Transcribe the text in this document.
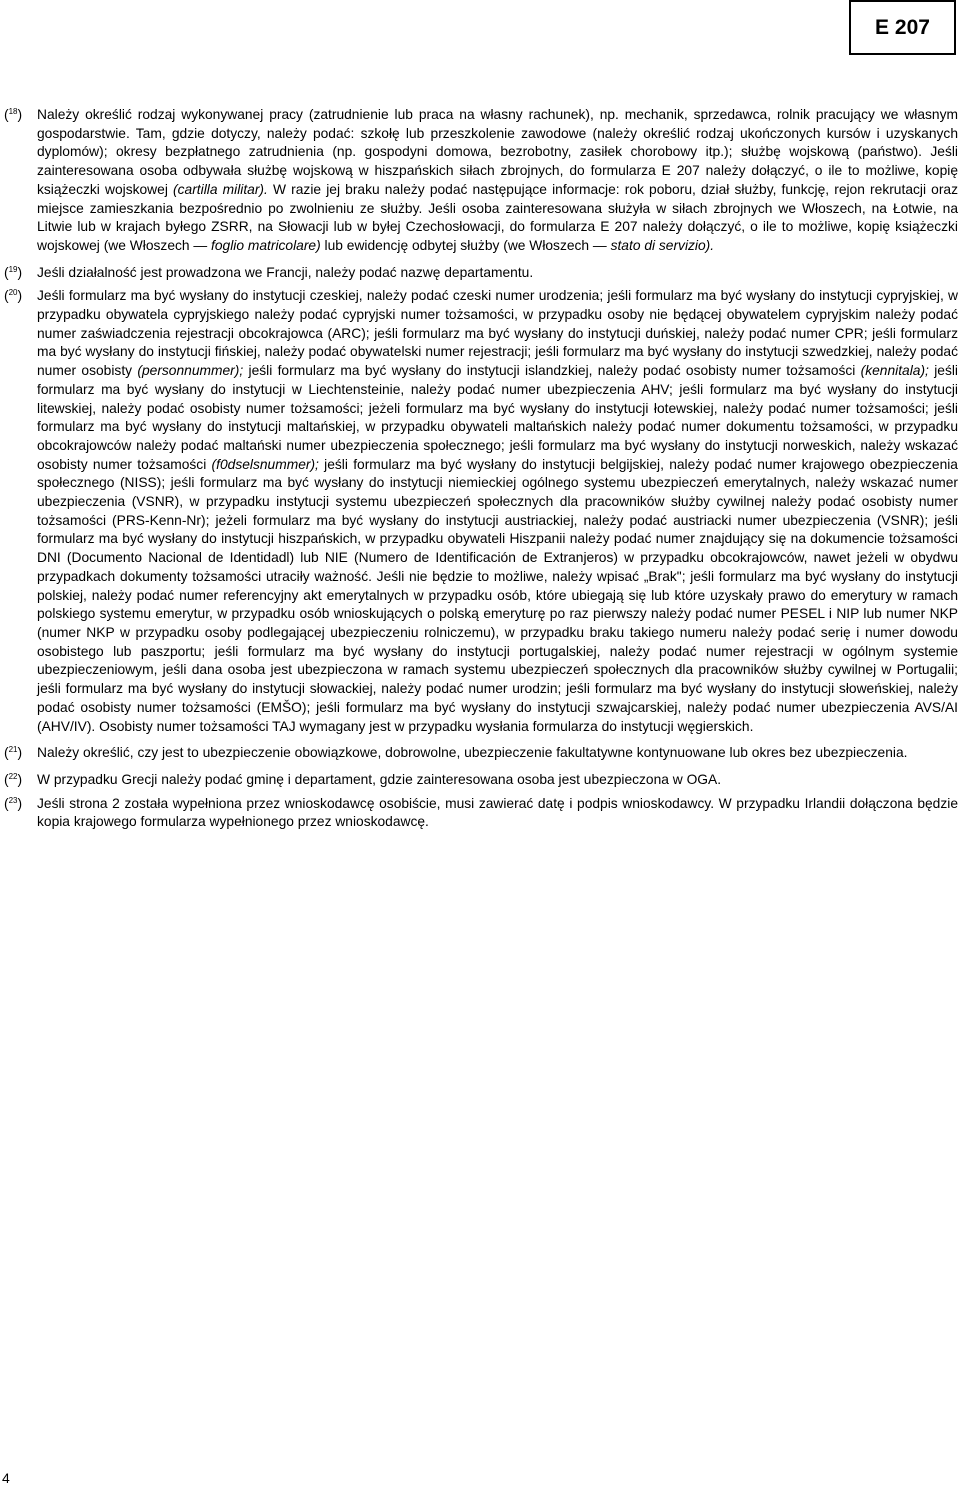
E 207
($^{18}$)	Należy określić rodzaj wykonywanej pracy (zatrudnienie lub praca na własny rachunek), np. mechanik, sprzedawca, rolnik pracujący we własnym gospodarstwie. Tam, gdzie dotyczy, należy podać: szkołę lub przeszkolenie zawodowe (należy określić rodzaj ukończonych kursów i uzyskanych dyplomów); okresy bezpłatnego zatrudnienia (np. gospodyni domowa, bezrobotny, zasiłek chorobowy itp.); służbę wojskową (państwo). Jeśli zainteresowana osoba odbywała służbę wojskową w hiszpańskich siłach zbrojnych, do formularza E 207 należy dołączyć, o ile to możliwe, kopię książeczki wojskowej (cartilla militar). W razie jej braku należy podać następujące informacje: rok poboru, dział służby, funkcję, rejon rekrutacji oraz miejsce zamieszkania bezpośrednio po zwolnieniu ze służby. Jeśli osoba zainteresowana służyła w siłach zbrojnych we Włoszech, na Łotwie, na Litwie lub w krajach byłego ZSRR, na Słowacji lub w byłej Czechosłowacji, do formularza E 207 należy dołączyć, o ile to możliwe, kopię książeczki wojskowej (we Włoszech — foglio matricolare) lub ewidencję odbytej służby (we Włoszech — stato di servizio).
($^{19}$)	Jeśli działalność jest prowadzona we Francji, należy podać nazwę departamentu.
($^{20}$)	Jeśli formularz ma być wysłany do instytucji czeskiej, należy podać czeski numer urodzenia; jeśli formularz ma być wysłany do instytucji cypryjskiej, w przypadku obywatela cypryjskiego należy podać cypryjski numer tożsamości, w przypadku osoby nie będącej obywatelem cypryjskim należy podać numer zaświadczenia rejestracji obcokrajowca (ARC); jeśli formularz ma być wysłany do instytucji duńskiej, należy podać numer CPR; jeśli formularz ma być wysłany do instytucji fińskiej, należy podać obywatelski numer rejestracji; jeśli formularz ma być wysłany do instytucji szwedzkiej, należy podać numer osobisty (personnummer); jeśli formularz ma być wysłany do instytucji islandzkiej, należy podać osobisty numer tożsamości (kennitala); jeśli formularz ma być wysłany do instytucji w Liechtensteinie, należy podać numer ubezpieczenia AHV; jeśli formularz ma być wysłany do instytucji litewskiej, należy podać osobisty numer tożsamości; jeżeli formularz ma być wysłany do instytucji łotewskiej, należy podać numer tożsamości; jeśli formularz ma być wysłany do instytucji maltańskiej, w przypadku obywateli maltańskich należy podać numer dokumentu tożsamości, w przypadku obcokrajowców należy podać maltański numer ubezpieczenia społecznego; jeśli formularz ma być wysłany do instytucji norweskich, należy wskazać osobisty numer tożsamości (f0dselsnummer); jeśli formularz ma być wysłany do instytucji belgijskiej, należy podać numer krajowego obezpieczenia społecznego (NISS); jeśli formularz ma być wysłany do instytucji niemieckiej ogólnego systemu ubezpieczeń emerytalnych, należy wskazać numer ubezpieczenia (VSNR), w przypadku instytucji systemu ubezpieczeń społecznych dla pracowników służby cywilnej należy podać osobisty numer tożsamości (PRS-Kenn-Nr); jeżeli formularz ma być wysłany do instytucji austriackiej, należy podać austriacki numer ubezpieczenia (VSNR); jeśli formularz ma być wysłany do instytucji hiszpańskich, w przypadku obywateli Hiszpanii należy podać numer znajdujący się na dokumencie tożsamości DNI (Documento Nacional de Identidadl) lub NIE (Numero de Identificación de Extranjeros) w przypadku obcokrajowców, nawet jeżeli w obydwu przypadkach dokumenty tożsamości utraciły ważność. Jeśli nie będzie to możliwe, należy wpisać „Brak"; jeśli formularz ma być wysłany do instytucji polskiej, należy podać numer referencyjny akt emerytalnych w przypadku osób, które ubiegają się lub które uzyskały prawo do emerytury w ramach polskiego systemu emerytur, w przypadku osób wnioskujących o polską emeryturę po raz pierwszy należy podać numer PESEL i NIP lub numer NKP (numer NKP w przypadku osoby podlegającej ubezpieczeniu rolniczemu), w przypadku braku takiego numeru należy podać serię i numer dowodu osobistego lub paszportu; jeśli formularz ma być wysłany do instytucji portugalskiej, należy podać numer rejestracji w ogólnym systemie ubezpieczeniowym, jeśli dana osoba jest ubezpieczona w ramach systemu ubezpieczeń społecznych dla pracowników służby cywilnej w Portugalii; jeśli formularz ma być wysłany do instytucji słowackiej, należy podać numer urodzin; jeśli formularz ma być wysłany do instytucji słoweńskiej, należy podać osobisty numer tożsamości (EMŠO); jeśli formularz ma być wysłany do instytucji szwajcarskiej, należy podać numer ubezpieczenia AVS/AI (AHV/IV). Osobisty numer tożsamości TAJ wymagany jest w przypadku wysłania formularza do instytucji węgierskich.
($^{21}$)	Należy określić, czy jest to ubezpieczenie obowiązkowe, dobrowolne, ubezpieczenie fakultatywne kontynuowane lub okres bez ubezpieczenia.
($^{22}$)	W przypadku Grecji należy podać gminę i departament, gdzie zainteresowana osoba jest ubezpieczona w OGA.
($^{23}$)	Jeśli strona 2 została wypełniona przez wnioskodawcę osobiście, musi zawierać datę i podpis wnioskodawcy. W przypadku Irlandii dołączona będzie kopia krajowego formularza wypełnionego przez wnioskodawcę.
4
